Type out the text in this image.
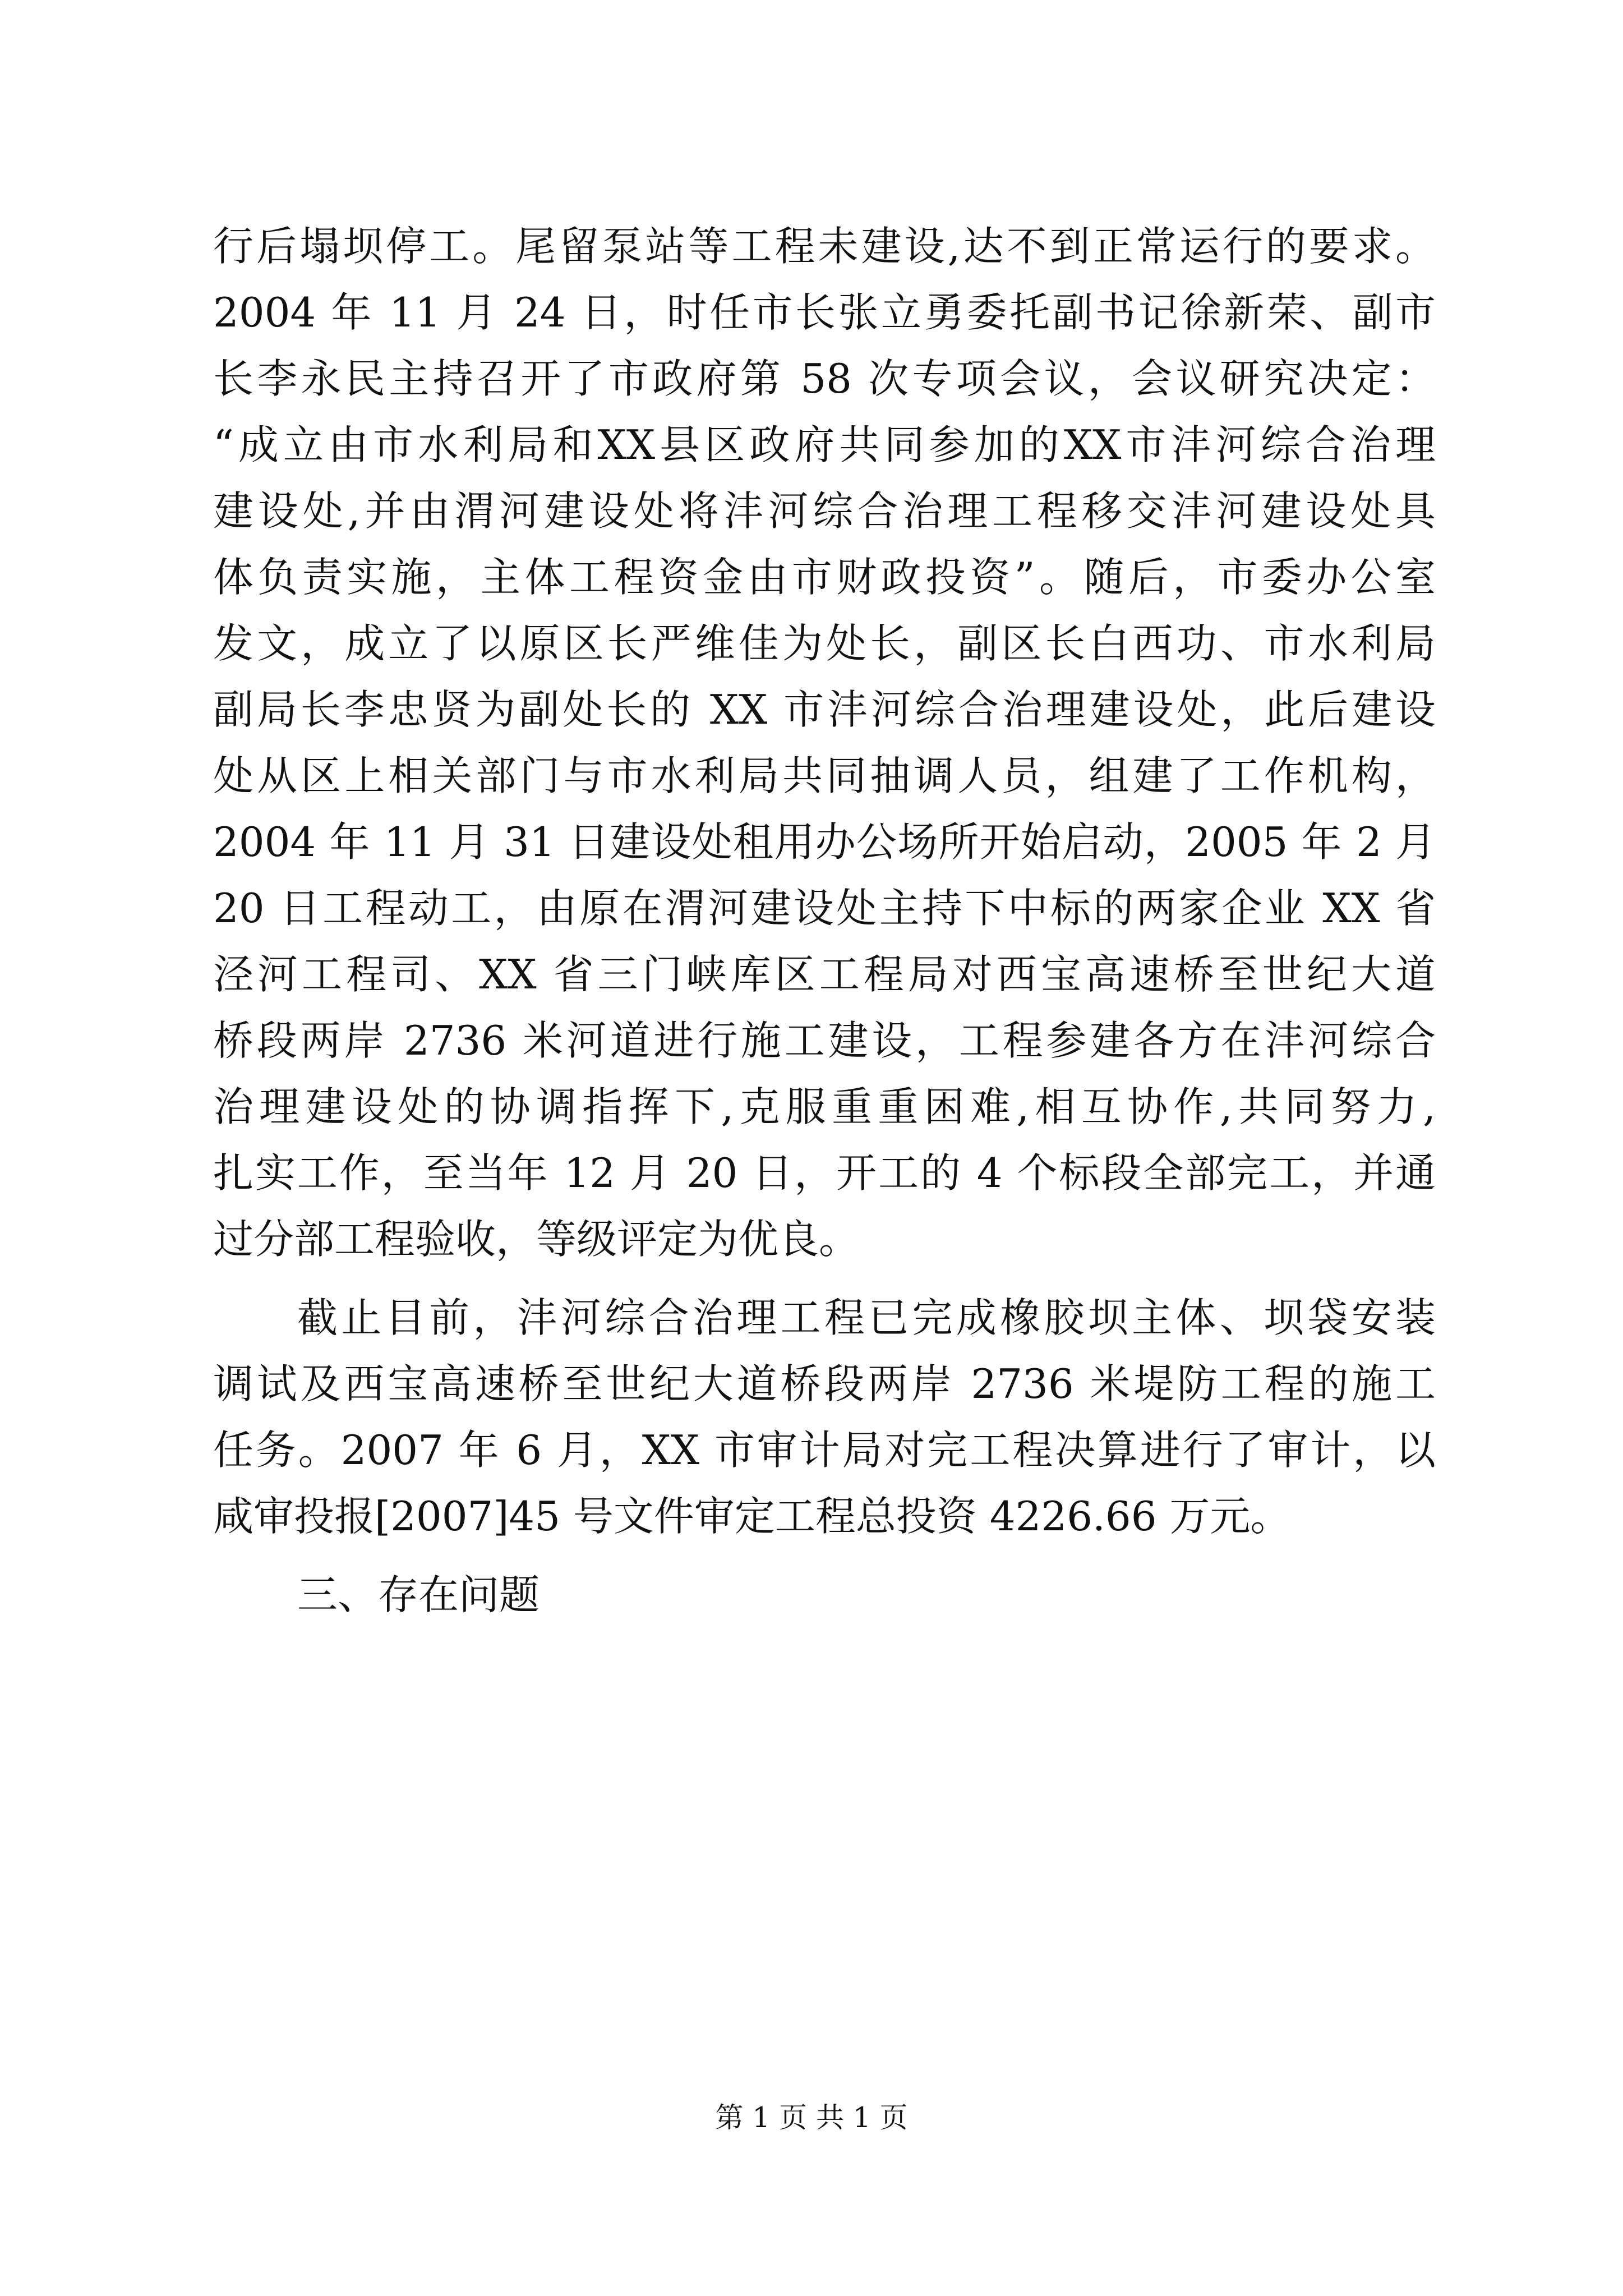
行后塌坝停工。尾留泵站等工程未建设,达不到正常运行的要求。
2004 年 11 月 24 日，时任市长张立勇委托副书记徐新荣、副市
长李永民主持召开了市政府第 58 次专项会议，会议研究决定：
“成立由市水利局和XX县区政府共同参加的XX市沣河综合治理
建设处,并由渭河建设处将沣河综合治理工程移交沣河建设处具
体负责实施，主体工程资金由市财政投资”。随后，市委办公室
发文，成立了以原区长严维佳为处长，副区长白西功、市水利局
副局长李忠贤为副处长的 XX 市沣河综合治理建设处，此后建设
处从区上相关部门与市水利局共同抽调人员，组建了工作机构，
2004 年 11 月 31 日建设处租用办公场所开始启动，2005 年 2 月
20 日工程动工，由原在渭河建设处主持下中标的两家企业 XX 省
泾河工程司、XX 省三门峡库区工程局对西宝高速桥至世纪大道
桥段两岸 2736 米河道进行施工建设，工程参建各方在沣河综合
治理建设处的协调指挥下,克服重重困难,相互协作,共同努力,
扎实工作，至当年 12 月 20 日，开工的 4 个标段全部完工，并通
过分部工程验收，等级评定为优良。
截止目前，沣河综合治理工程已完成橡胶坝主体、坝袋安装
调试及西宝高速桥至世纪大道桥段两岸 2736 米堤防工程的施工
任务。2007 年 6 月，XX 市审计局对完工程决算进行了审计，以
咸审投报[2007]45 号文件审定工程总投资 4226.66 万元。
三、存在问题
第 1 页 共 1 页
